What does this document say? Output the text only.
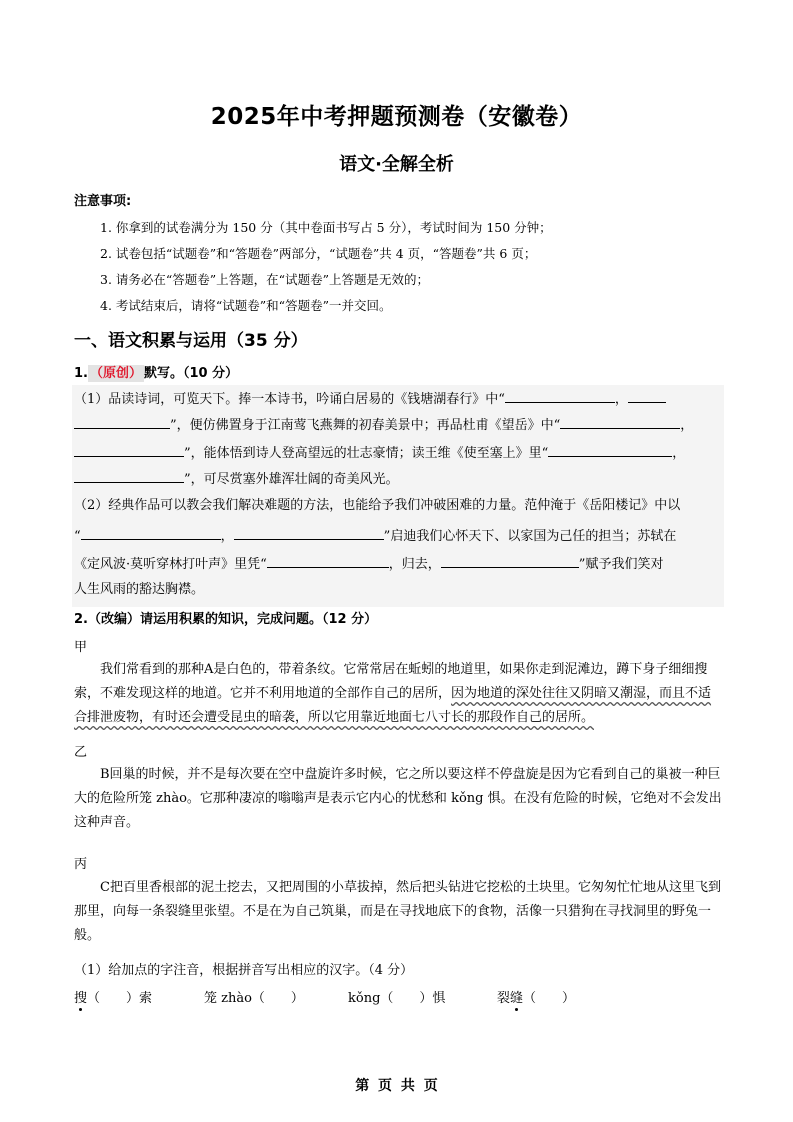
2025年中考押题预测卷（安徽卷）
语文·全解全析
注意事项:
1. 你拿到的试卷满分为 150 分（其中卷面书写占 5 分），考试时间为 150 分钟；
2. 试卷包括“试题卷”和“答题卷”两部分，“试题卷”共 4 页，“答题卷”共 6 页；
3. 请务必在“答题卷”上答题，在“试题卷”上答题是无效的；
4. 考试结束后，请将“试题卷”和“答题卷”一并交回。
一、语文积累与运用（35 分）
1. （原创） 默写。（10 分）
（1）品读诗词，可览天下。捧一本诗书，吟诵白居易的《钱塘湖春行》中“	，
”，便仿佛置身于江南莺飞燕舞的初春美景中；再品杜甫《望岳》中“	，
”，能体悟到诗人登高望远的壮志豪情；读王维《使至塞上》里“	，
”，可尽赏塞外雄浑壮阔的奇美风光。
（2）经典作品可以教会我们解决难题的方法，也能给予我们冲破困难的力量。范仲淹于《岳阳楼记》中以
“	，	”启迪我们心怀天下、以家国为己任的担当；苏轼在
《定风波·莫听穿林打叶声》里凭“	，归去，	”赋予我们笑对
人生风雨的豁达胸襟。
2.（改编）请运用积累的知识，完成问题。（12 分）
甲
我们常看到的那种A是白色的，带着条纹。它常常居在蚯蚓的地道里，如果你走到泥滩边，蹲下身子细细搜索，不难发现这样的地道。它并不利用地道的全部作自己的居所，因为地道的深处往往又阴暗又潮湿，而且不适合排泄废物，有时还会遭受昆虫的暗袭，所以它用靠近地面七八寸长的那段作自己的居所。
乙
B回巢的时候，并不是每次要在空中盘旋许多时候，它之所以要这样不停盘旋是因为它看到自己的巢被一种巨大的危险所笼 zhào。它那种凄凉的嗡嗡声是表示它内心的忧愁和 kǒng 惧。在没有危险的时候，它绝对不会发出这种声音。
丙
C把百里香根部的泥土挖去，又把周围的小草拔掉，然后把头钻进它挖松的土块里。它匆匆忙忙地从这里飞到那里，向每一条裂缝里张望。不是在为自己筑巢，而是在寻找地底下的食物，活像一只猎狗在寻找洞里的野兔一般。
（1）给加点的字注音，根据拼音写出相应的汉字。（4 分）
搜（　　）索	笼 zhào（　　）	kǒng（　　）惧	裂缝（　　）
第 页 共 页
